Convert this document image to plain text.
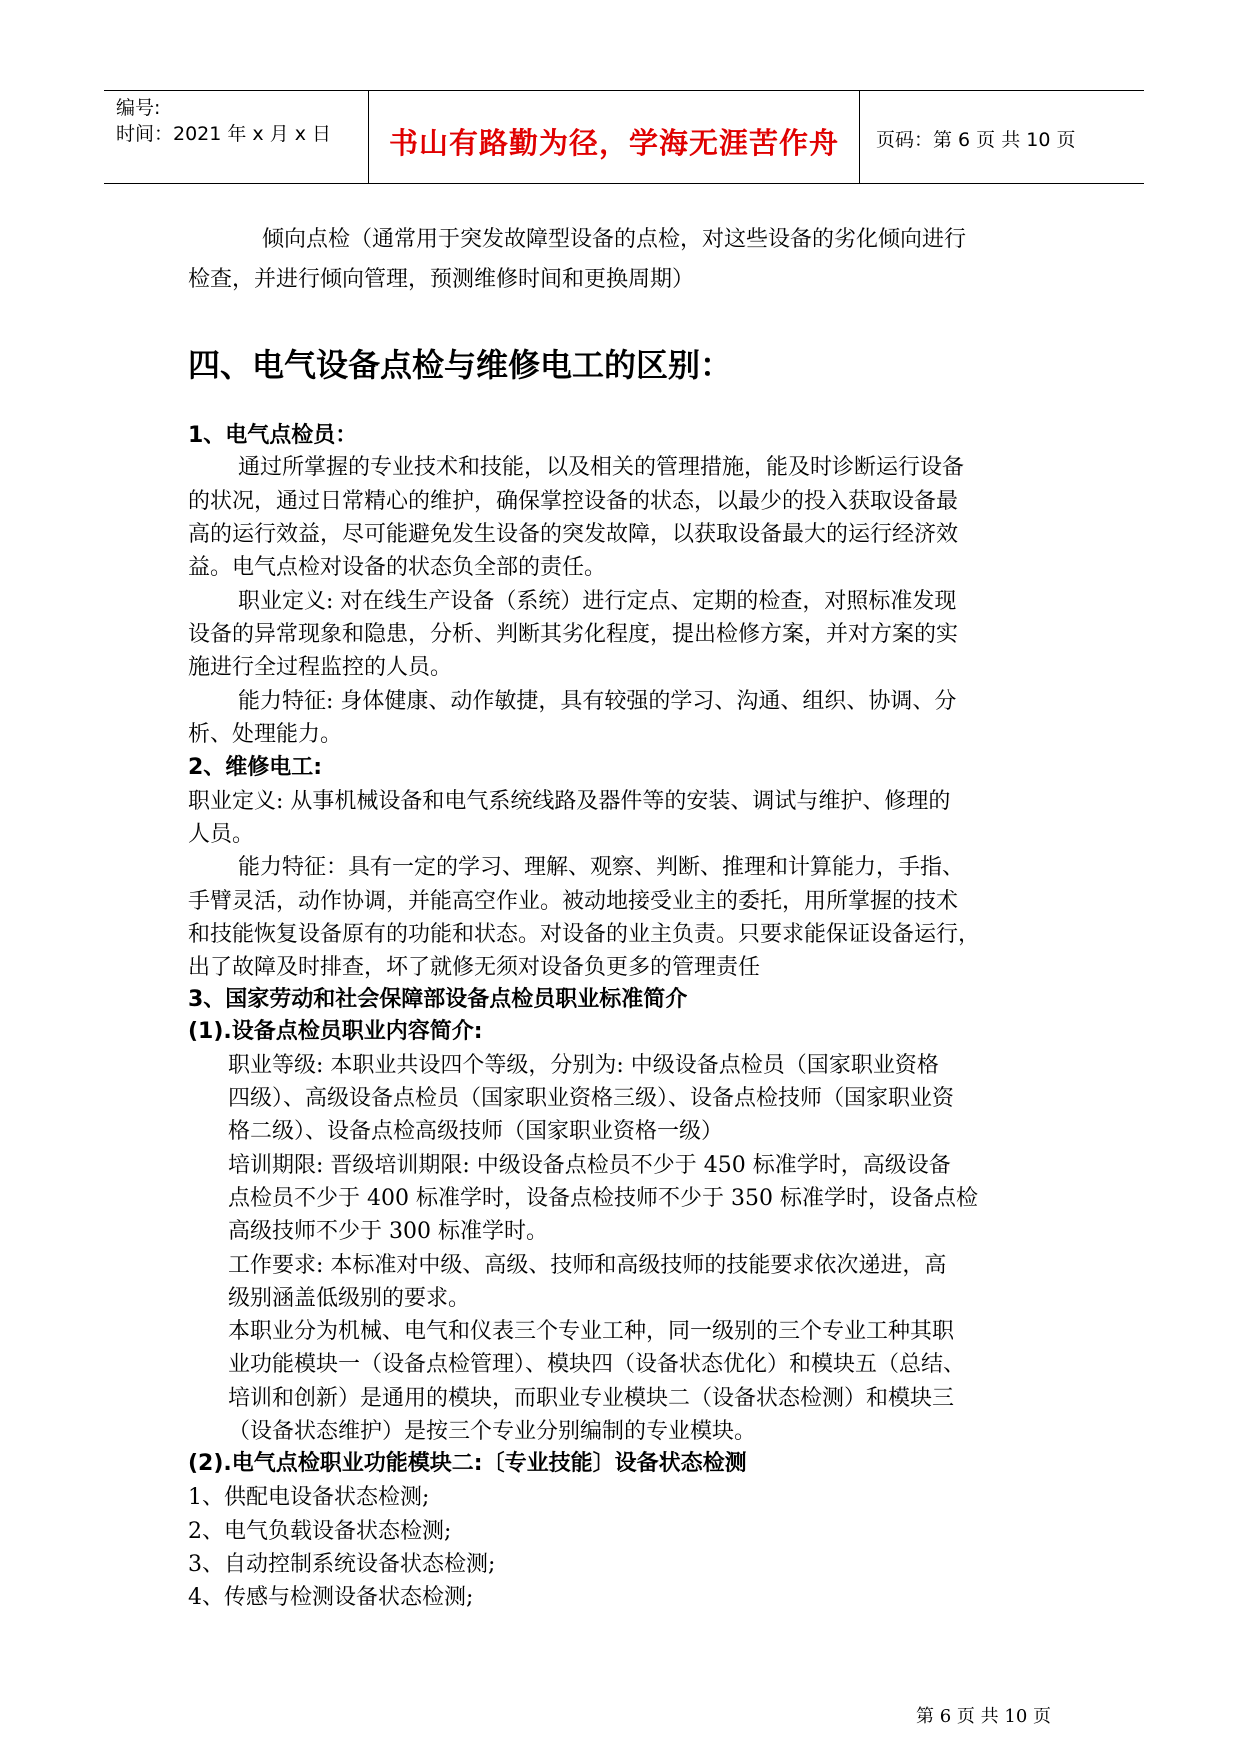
编号:
时间：2021 年 x 月 x 日	书山有路勤为径，学海无涯苦作舟	页码：第 6 页 共 10 页
倾向点检（通常用于突发故障型设备的点检，对这些设备的劣化倾向进行
检查，并进行倾向管理，预测维修时间和更换周期）
四、电气设备点检与维修电工的区别：
1、电气点检员：
通过所掌握的专业技术和技能，以及相关的管理措施，能及时诊断运行设备
的状况，通过日常精心的维护，确保掌控设备的状态，以最少的投入获取设备最
高的运行效益，尽可能避免发生设备的突发故障，以获取设备最大的运行经济效
益。电气点检对设备的状态负全部的责任。
职业定义: 对在线生产设备（系统）进行定点、定期的检查，对照标准发现
设备的异常现象和隐患，分析、判断其劣化程度，提出检修方案，并对方案的实
施进行全过程监控的人员。
能力特征: 身体健康、动作敏捷，具有较强的学习、沟通、组织、协调、分
析、处理能力。
2、维修电工:
职业定义: 从事机械设备和电气系统线路及器件等的安装、调试与维护、修理的
人员。
能力特征：具有一定的学习、理解、观察、判断、推理和计算能力，手指、
手臂灵活，动作协调，并能高空作业。被动地接受业主的委托，用所掌握的技术
和技能恢复设备原有的功能和状态。对设备的业主负责。只要求能保证设备运行，
出了故障及时排查，坏了就修无须对设备负更多的管理责任
3、国家劳动和社会保障部设备点检员职业标准简介
(1).设备点检员职业内容简介:
职业等级: 本职业共设四个等级，分别为: 中级设备点检员（国家职业资格
四级）、高级设备点检员（国家职业资格三级）、设备点检技师（国家职业资
格二级）、设备点检高级技师（国家职业资格一级）
培训期限: 晋级培训期限: 中级设备点检员不少于 450 标准学时，高级设备
点检员不少于 400 标准学时，设备点检技师不少于 350 标准学时，设备点检
高级技师不少于 300 标准学时。
工作要求: 本标准对中级、高级、技师和高级技师的技能要求依次递进，高
级别涵盖低级别的要求。
本职业分为机械、电气和仪表三个专业工种，同一级别的三个专业工种其职
业功能模块一（设备点检管理）、模块四（设备状态优化）和模块五（总结、
培训和创新）是通用的模块，而职业专业模块二（设备状态检测）和模块三
（设备状态维护）是按三个专业分别编制的专业模块。
(2).电气点检职业功能模块二:〔专业技能〕设备状态检测
1、供配电设备状态检测;
2、电气负载设备状态检测;
3、自动控制系统设备状态检测;
4、传感与检测设备状态检测;
第 6 页 共 10 页
